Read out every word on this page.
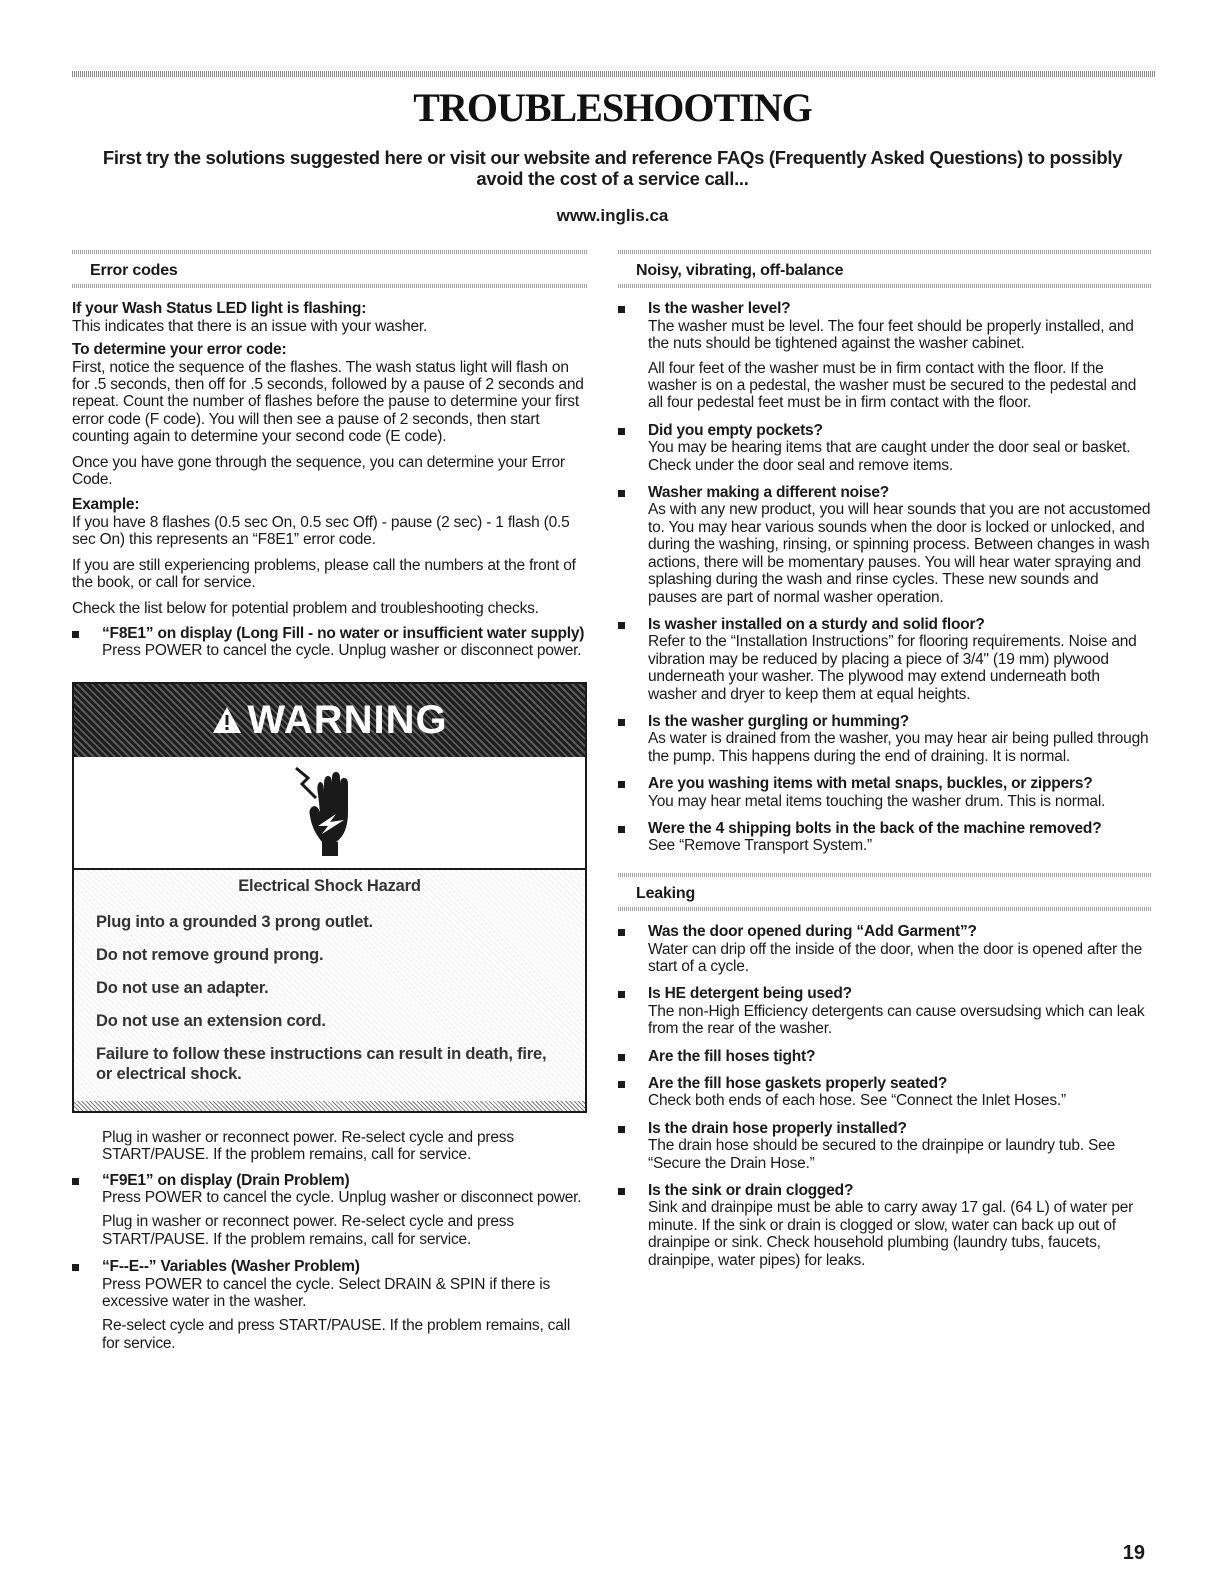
TROUBLESHOOTING

First try the solutions suggested here or visit our website and reference FAQs (Frequently Asked Questions) to possibly avoid the cost of a service call...

www.inglis.ca

Error codes

If your Wash Status LED light is flashing:

This indicates that there is an issue with your washer.

To determine your error code:

First, notice the sequence of the flashes. The wash status light will flash on for .5 seconds, then off for .5 seconds, followed by a pause of 2 seconds and repeat. Count the number of flashes before the pause to determine your first error code (F code). You will then see a pause of 2 seconds, then start counting again to determine your second code (E code).

Once you have gone through the sequence, you can determine your Error Code.

Example:

If you have 8 flashes (0.5 sec On, 0.5 sec Off) - pause (2 sec) - 1 flash (0.5 sec On) this represents an “F8E1” error code.

If you are still experiencing problems, please call the numbers at the front of the book, or call for service.

Check the list below for potential problem and troubleshooting checks.

“F8E1” on display (Long Fill - no water or insufficient water supply)

Press POWER to cancel the cycle. Unplug washer or disconnect power.

WARNING
Electrical Shock Hazard
Plug into a grounded 3 prong outlet.
Do not remove ground prong.
Do not use an adapter.
Do not use an extension cord.
Failure to follow these instructions can result in death, fire, or electrical shock.

Plug in washer or reconnect power. Re-select cycle and press START/PAUSE. If the problem remains, call for service.

“F9E1” on display (Drain Problem)

Press POWER to cancel the cycle. Unplug washer or disconnect power.

Plug in washer or reconnect power. Re-select cycle and press START/PAUSE. If the problem remains, call for service.

“F--E--” Variables (Washer Problem)

Press POWER to cancel the cycle. Select DRAIN & SPIN if there is excessive water in the washer.

Re-select cycle and press START/PAUSE. If the problem remains, call for service.

Noisy, vibrating, off-balance
Is the washer level?

The washer must be level. The four feet should be properly installed, and the nuts should be tightened against the washer cabinet.

All four feet of the washer must be in firm contact with the floor. If the washer is on a pedestal, the washer must be secured to the pedestal and all four pedestal feet must be in firm contact with the floor.

Did you empty pockets?

You may be hearing items that are caught under the door seal or basket. Check under the door seal and remove items.

Washer making a different noise?

As with any new product, you will hear sounds that you are not accustomed to. You may hear various sounds when the door is locked or unlocked, and during the washing, rinsing, or spinning process. Between changes in wash actions, there will be momentary pauses. You will hear water spraying and splashing during the wash and rinse cycles. These new sounds and pauses are part of normal washer operation.

Is washer installed on a sturdy and solid floor?

Refer to the “Installation Instructions” for flooring requirements. Noise and vibration may be reduced by placing a piece of 3/4" (19 mm) plywood underneath your washer. The plywood may extend underneath both washer and dryer to keep them at equal heights.

Is the washer gurgling or humming?

As water is drained from the washer, you may hear air being pulled through the pump. This happens during the end of draining. It is normal.

Are you washing items with metal snaps, buckles, or zippers?

You may hear metal items touching the washer drum. This is normal.

Were the 4 shipping bolts in the back of the machine removed?

See “Remove Transport System.”

Leaking
Was the door opened during “Add Garment”?

Water can drip off the inside of the door, when the door is opened after the start of a cycle.

Is HE detergent being used?

The non-High Efficiency detergents can cause oversudsing which can leak from the rear of the washer.

Are the fill hoses tight?
Are the fill hose gaskets properly seated?

Check both ends of each hose. See “Connect the Inlet Hoses.”

Is the drain hose properly installed?

The drain hose should be secured to the drainpipe or laundry tub. See “Secure the Drain Hose.”

Is the sink or drain clogged?

Sink and drainpipe must be able to carry away 17 gal. (64 L) of water per minute. If the sink or drain is clogged or slow, water can back up out of drainpipe or sink. Check household plumbing (laundry tubs, faucets, drainpipe, water pipes) for leaks.

19
